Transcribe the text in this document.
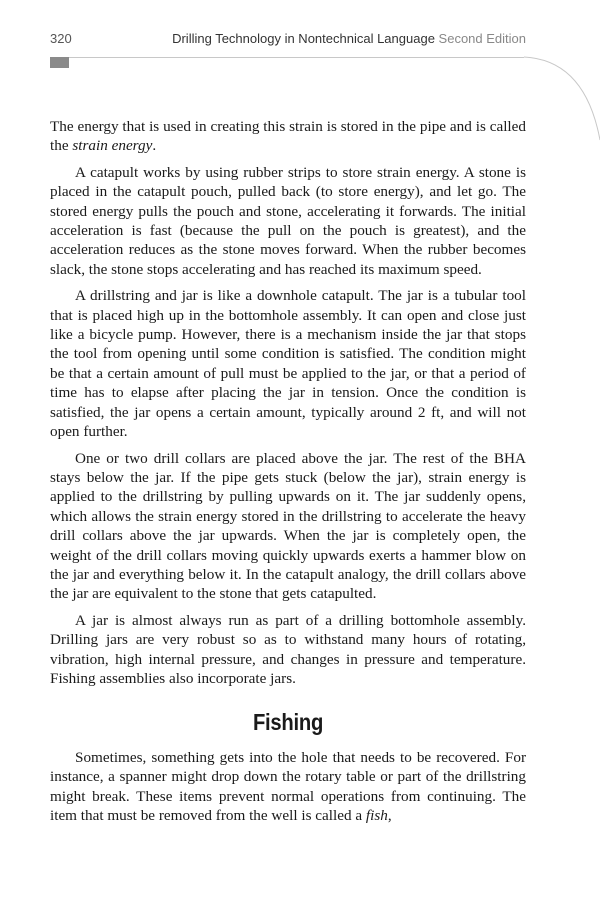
320	Drilling Technology in Nontechnical Language Second Edition

The energy that is used in creating this strain is stored in the pipe and is called the strain energy.

A catapult works by using rubber strips to store strain energy. A stone is placed in the catapult pouch, pulled back (to store energy), and let go. The stored energy pulls the pouch and stone, accelerating it forwards. The initial acceleration is fast (because the pull on the pouch is greatest), and the acceleration reduces as the stone moves forward. When the rubber becomes slack, the stone stops accelerating and has reached its maximum speed.

A drillstring and jar is like a downhole catapult. The jar is a tubular tool that is placed high up in the bottomhole assembly. It can open and close just like a bicycle pump. However, there is a mechanism inside the jar that stops the tool from opening until some condition is satisfied. The condition might be that a certain amount of pull must be applied to the jar, or that a period of time has to elapse after placing the jar in tension. Once the condition is satisfied, the jar opens a certain amount, typically around 2 ft, and will not open further.

One or two drill collars are placed above the jar. The rest of the BHA stays below the jar. If the pipe gets stuck (below the jar), strain energy is applied to the drillstring by pulling upwards on it. The jar suddenly opens, which allows the strain energy stored in the drillstring to accelerate the heavy drill collars above the jar upwards. When the jar is completely open, the weight of the drill collars moving quickly upwards exerts a hammer blow on the jar and everything below it. In the catapult analogy, the drill collars above the jar are equivalent to the stone that gets catapulted.

A jar is almost always run as part of a drilling bottomhole assembly. Drilling jars are very robust so as to withstand many hours of rotating, vibration, high internal pressure, and changes in pressure and temperature. Fishing assemblies also incorporate jars.

Fishing

Sometimes, something gets into the hole that needs to be recovered. For instance, a spanner might drop down the rotary table or part of the drillstring might break. These items prevent normal operations from continuing. The item that must be removed from the well is called a fish,
